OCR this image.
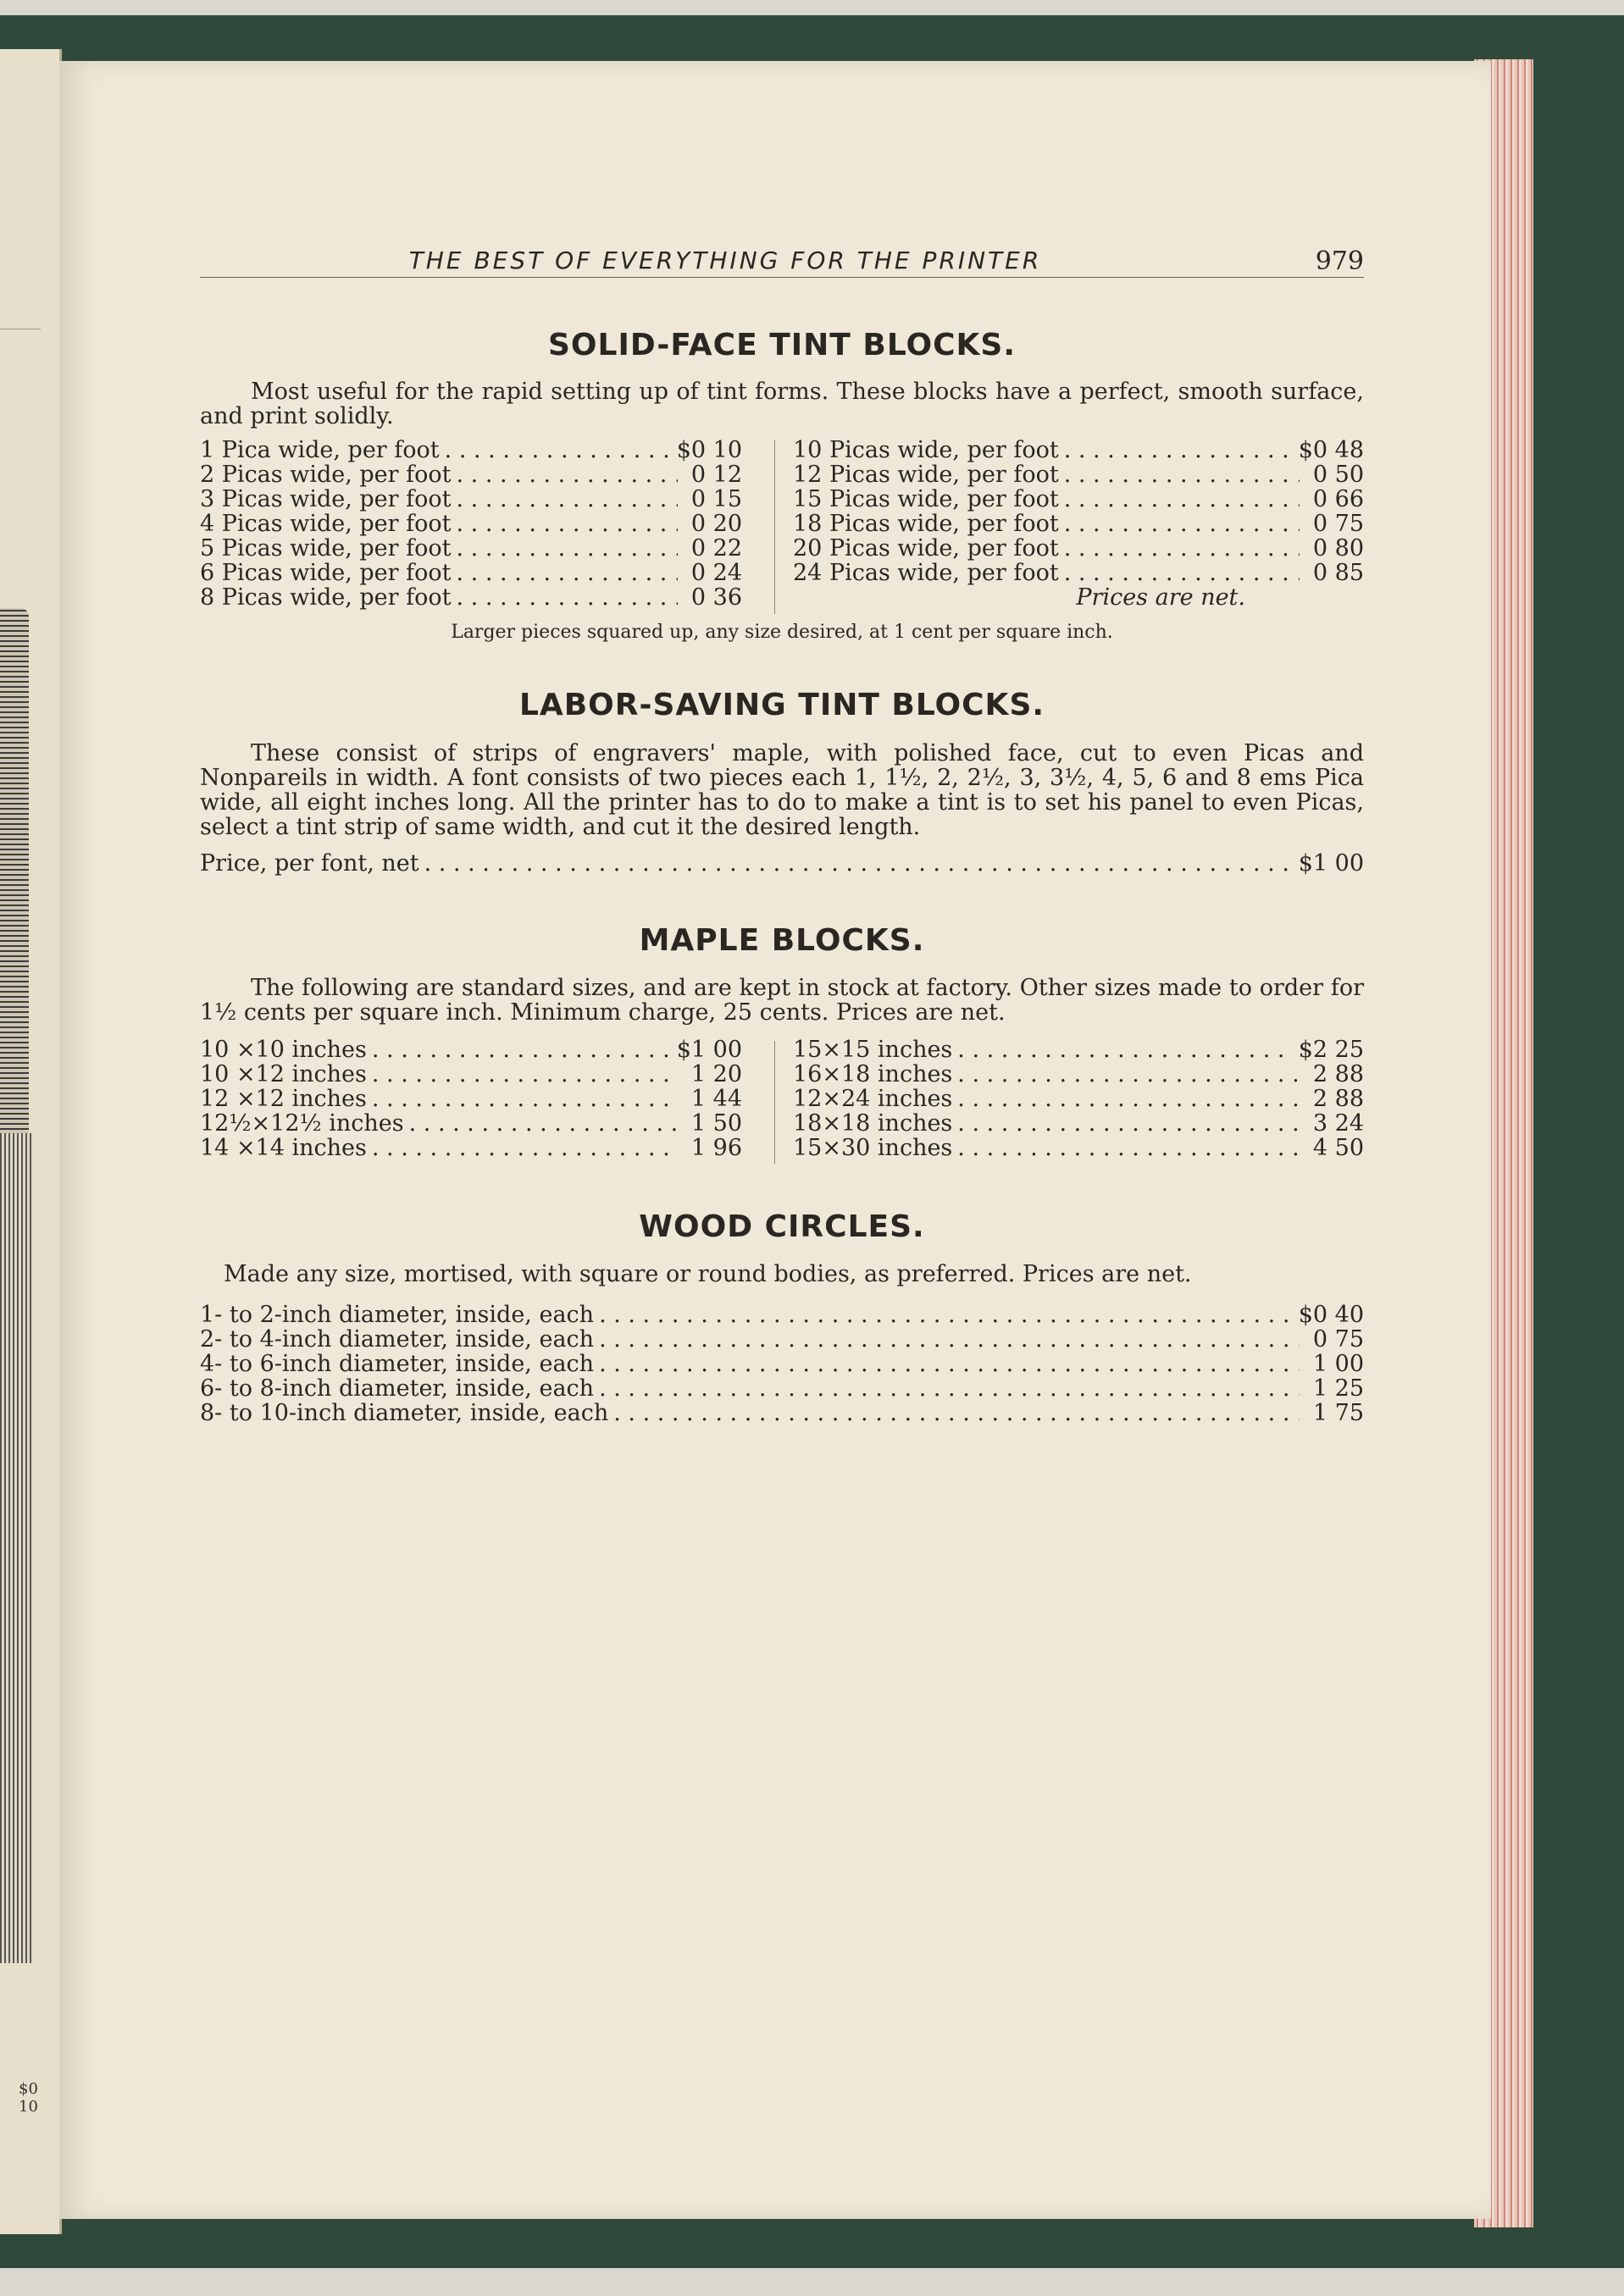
$0 10
THE BEST OF EVERYTHING FOR THE PRINTER	979
SOLID-FACE TINT BLOCKS.

Most useful for the rapid setting up of tint forms. These blocks have a perfect, smooth surface, and print solidly.

1 Pica wide, per foot . . .	$0 10
2 Picas wide, per foot . . .	0 12
3 Picas wide, per foot . . .	0 15
4 Picas wide, per foot . . .	0 20
5 Picas wide, per foot . . .	0 22
6 Picas wide, per foot . . .	0 24
8 Picas wide, per foot . . .	0 36
10 Picas wide, per foot . . .	$0 48
12 Picas wide, per foot . . .	0 50
15 Picas wide, per foot . . .	0 66
18 Picas wide, per foot . . .	0 75
20 Picas wide, per foot . . .	0 80
24 Picas wide, per foot . . .	0 85
Prices are net.
Larger pieces squared up, any size desired, at 1 cent per square inch.
LABOR-SAVING TINT BLOCKS.

These consist of strips of engravers' maple, with polished face, cut to even Picas and Nonpareils in width. A font consists of two pieces each 1, 1½, 2, 2½, 3, 3½, 4, 5, 6 and 8 ems Pica wide, all eight inches long. All the printer has to do to make a tint is to set his panel to even Picas, select a tint strip of same width, and cut it the desired length.

Price, per font, net . . .	$1 00
MAPLE BLOCKS.

The following are standard sizes, and are kept in stock at factory. Other sizes made to order for 1½ cents per square inch. Minimum charge, 25 cents. Prices are net.

10 ×10 inches . . .	$1 00
10 ×12 inches . . .	1 20
12 ×12 inches . . .	1 44
12½×12½ inches . . .	1 50
14 ×14 inches . . .	1 96
15×15 inches . . .	$2 25
16×18 inches . . .	2 88
12×24 inches . . .	2 88
18×18 inches . . .	3 24
15×30 inches . . .	4 50
WOOD CIRCLES.

Made any size, mortised, with square or round bodies, as preferred. Prices are net.

1- to 2-inch diameter, inside, each . . .	$0 40
2- to 4-inch diameter, inside, each . . .	0 75
4- to 6-inch diameter, inside, each . . .	1 00
6- to 8-inch diameter, inside, each . . .	1 25
8- to 10-inch diameter, inside, each . . .	1 75
